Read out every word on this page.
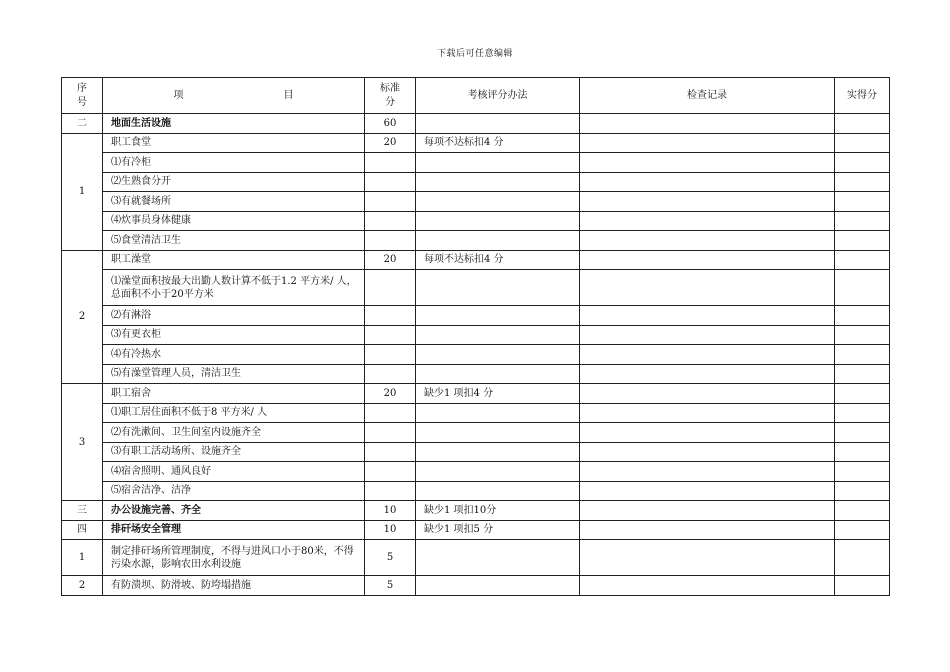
下载后可任意编辑
序号	项 目	标准分	考核评分办法	检查记录	实得分
二	地面生活设施	60			
1	职工食堂	20	每项不达标扣4 分		
	⑴有冷柜				
	⑵生熟食分开				
	⑶有就餐场所				
	⑷炊事员身体健康				
	⑸食堂清洁卫生				
2	职工澡堂	20	每项不达标扣4 分		
	⑴澡堂面积按最大出勤人数计算不低于1.2 平方米/ 人，总面积不小于20平方米				
	⑵有淋浴				
	⑶有更衣柜				
	⑷有冷热水				
	⑸有澡堂管理人员，清洁卫生				
3	职工宿舍	20	缺少1 项扣4 分		
	⑴职工居住面积不低于8 平方米/ 人				
	⑵有洗漱间、卫生间室内设施齐全				
	⑶有职工活动场所、设施齐全				
	⑷宿舍照明、通风良好				
	⑸宿舍洁净、洁净				
三	办公设施完善、齐全	10	缺少1 项扣10分		
四	排矸场安全管理	10	缺少1 项扣5 分		
1	制定排矸场所管理制度，不得与进风口小于80米，不得污染水源，影响农田水利设施	5			
2	有防溃坝、防滑坡、防垮塌措施	5			
